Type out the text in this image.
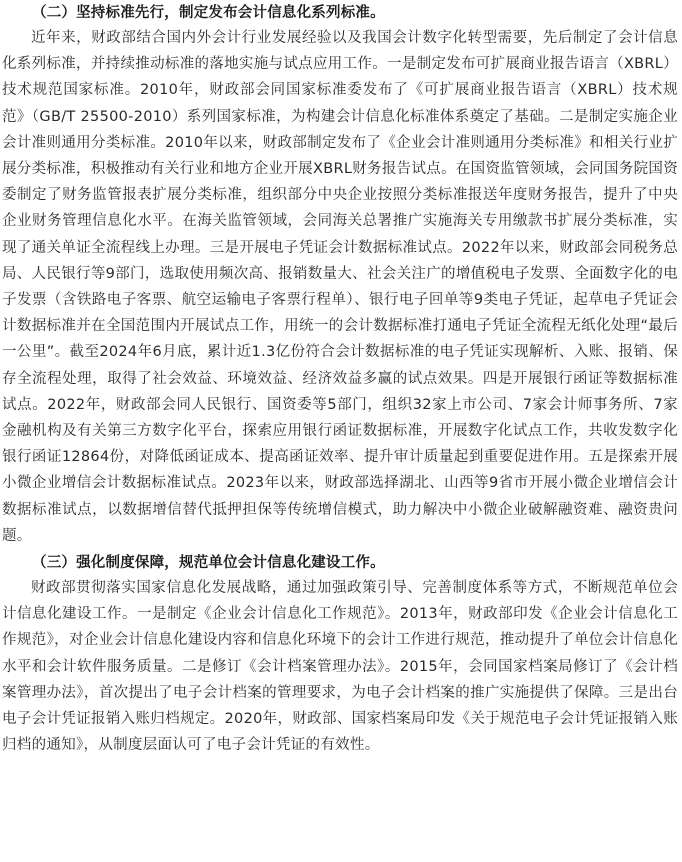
（二）坚持标准先行，制定发布会计信息化系列标准。

近年来，财政部结合国内外会计行业发展经验以及我国会计数字化转型需要，先后制定了会计信息化系列标准，并持续推动标准的落地实施与试点应用工作。一是制定发布可扩展商业报告语言（XBRL）技术规范国家标准。2010年，财政部会同国家标准委发布了《可扩展商业报告语言（XBRL）技术规范》（GB/T 25500-2010）系列国家标准，为构建会计信息化标准体系奠定了基础。二是制定实施企业会计准则通用分类标准。2010年以来，财政部制定发布了《企业会计准则通用分类标准》和相关行业扩展分类标准，积极推动有关行业和地方企业开展XBRL财务报告试点。在国资监管领域，会同国务院国资委制定了财务监管报表扩展分类标准，组织部分中央企业按照分类标准报送年度财务报告，提升了中央企业财务管理信息化水平。在海关监管领域，会同海关总署推广实施海关专用缴款书扩展分类标准，实现了通关单证全流程线上办理。三是开展电子凭证会计数据标准试点。2022年以来，财政部会同税务总局、人民银行等9部门，选取使用频次高、报销数量大、社会关注广的增值税电子发票、全面数字化的电子发票（含铁路电子客票、航空运输电子客票行程单）、银行电子回单等9类电子凭证，起草电子凭证会计数据标准并在全国范围内开展试点工作，用统一的会计数据标准打通电子凭证全流程无纸化处理“最后一公里”。截至2024年6月底，累计近1.3亿份符合会计数据标准的电子凭证实现解析、入账、报销、保存全流程处理，取得了社会效益、环境效益、经济效益多赢的试点效果。四是开展银行函证等数据标准试点。2022年，财政部会同人民银行、国资委等5部门，组织32家上市公司、7家会计师事务所、7家金融机构及有关第三方数字化平台，探索应用银行函证数据标准，开展数字化试点工作，共收发数字化银行函证12864份，对降低函证成本、提高函证效率、提升审计质量起到重要促进作用。五是探索开展小微企业增信会计数据标准试点。2023年以来，财政部选择湖北、山西等9省市开展小微企业增信会计数据标准试点，以数据增信替代抵押担保等传统增信模式，助力解决中小微企业破解融资难、融资贵问题。

（三）强化制度保障，规范单位会计信息化建设工作。

财政部贯彻落实国家信息化发展战略，通过加强政策引导、完善制度体系等方式，不断规范单位会计信息化建设工作。一是制定《企业会计信息化工作规范》。2013年，财政部印发《企业会计信息化工作规范》，对企业会计信息化建设内容和信息化环境下的会计工作进行规范，推动提升了单位会计信息化水平和会计软件服务质量。二是修订《会计档案管理办法》。2015年，会同国家档案局修订了《会计档案管理办法》，首次提出了电子会计档案的管理要求，为电子会计档案的推广实施提供了保障。三是出台电子会计凭证报销入账归档规定。2020年，财政部、国家档案局印发《关于规范电子会计凭证报销入账归档的通知》，从制度层面认可了电子会计凭证的有效性。
